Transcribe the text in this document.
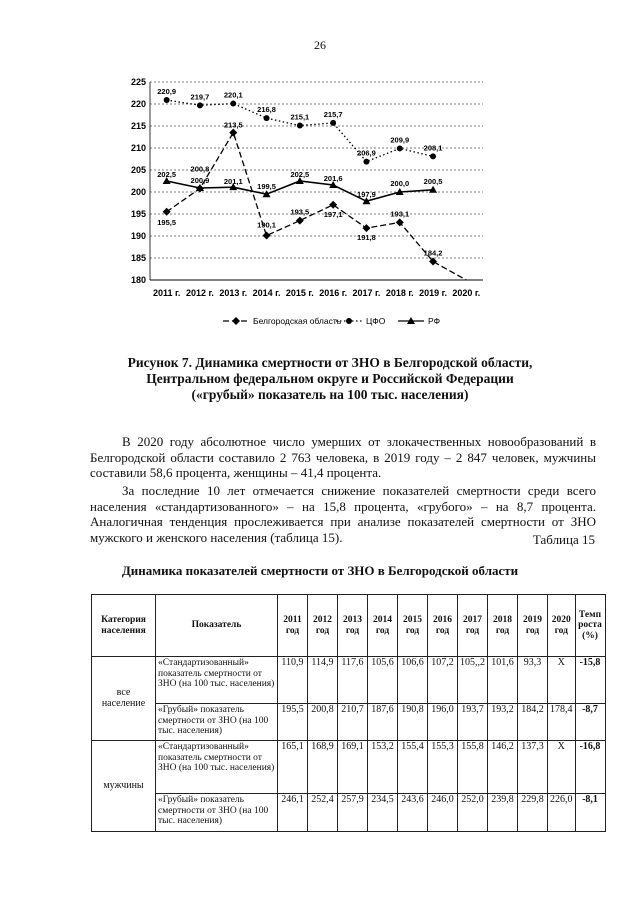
26
180
185
190
195
200
205
210
215
220
225
2011 г. 2012 г. 2013 г. 2014 г. 2015 г. 2016 г. 2017 г. 2018 г. 2019 г. 2020 г.
195,5
200,8
213,5
190,1
193,5 197,1
191,8
193,1
184,2
220,9
219,7 220,1
216,8
215,1 215,7
206,9
209,9
208,1
202,5
200,9 201,1
199,5
202,5 201,6
197,9
200,0 200,5
Белгородская область	ЦФО	РФ
Рисунок 7. Динамика смертности от ЗНО в Белгородской области,
Центральном федеральном округе и Российской Федерации
(«грубый» показатель на 100 тыс. населения)
В 2020 году абсолютное число умерших от злокачественных новообразований в Белгородской области составило 2 763 человека, в 2019 году – 2 847 человек, мужчины составили 58,6 процента, женщины – 41,4 процента.
За последние 10 лет отмечается снижение показателей смертности среди всего населения «стандартизованного» – на 15,8 процента, «грубого» – на 8,7 процента. Аналогичная тенденция прослеживается при анализе показателей смертности от ЗНО мужского и женского населения (таблица 15).	Таблица 15
Динамика показателей смертности от ЗНО в Белгородской области
Категория населения	Показатель	2011 год	2012 год	2013 год	2014 год	2015 год	2016 год	2017 год	2018 год	2019 год	2020 год	Темп роста (%)
все население	«Стандартизованный» показатель смертности от ЗНО (на 100 тыс. населения)	110,9	114,9	117,6	105,6	106,6	107,2	105,,2	101,6	93,3	Х	-15,8
	«Грубый» показатель смертности от ЗНО (на 100 тыс. населения)	195,5	200,8	210,7	187,6	190,8	196,0	193,7	193,2	184,2	178,4	-8,7
мужчины	«Стандартизованный» показатель смертности от ЗНО (на 100 тыс. населения)	165,1	168,9	169,1	153,2	155,4	155,3	155,8	146,2	137,3	Х	-16,8
	«Грубый» показатель смертности от ЗНО (на 100 тыс. населения)	246,1	252,4	257,9	234,5	243,6	246,0	252,0	239,8	229,8	226,0	-8,1
